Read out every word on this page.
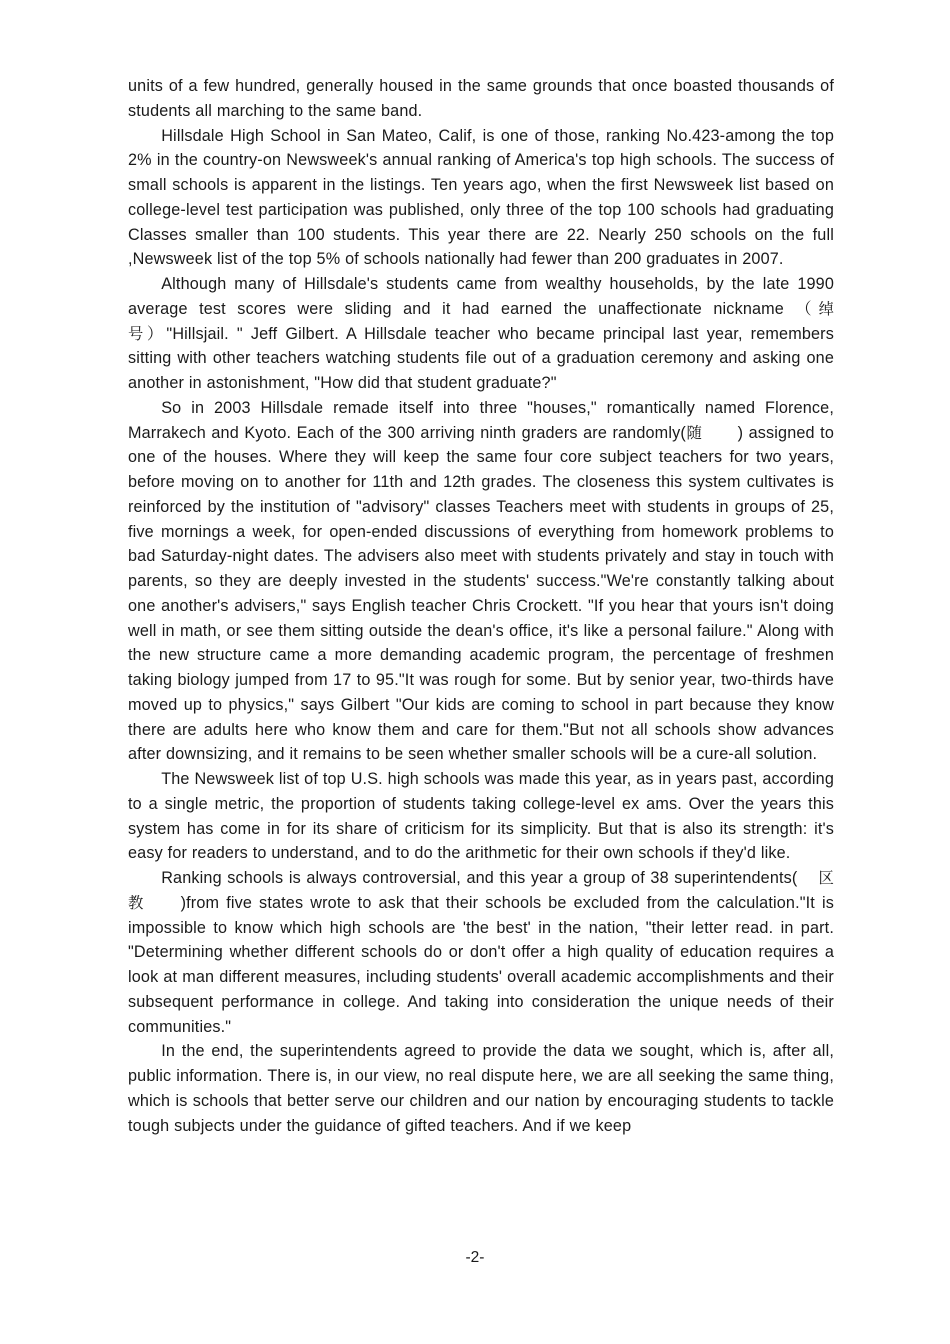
units of a few hundred, generally housed in the same grounds that once boasted thousands of students all marching to the same band.

Hillsdale High School in San Mateo, Calif, is one of those, ranking No.423-among the top 2% in the country-on Newsweek's annual ranking of America's top high schools. The success of small schools is apparent in the listings. Ten years ago, when the first Newsweek list based on college-level test participation was published, only three of the top 100 schools had graduating Classes smaller than 100 students. This year there are 22. Nearly 250 schools on the full ,Newsweek list of the top 5% of schools nationally had fewer than 200 graduates in 2007.

Although many of Hillsdale's students came from wealthy households, by the late 1990 average test scores were sliding and it had earned the unaffectionate nickname （绰号）"Hillsjail. " Jeff Gilbert. A Hillsdale teacher who became principal last year, remembers sitting with other teachers watching students file out of a graduation ceremony and asking one another in astonishment, "How did that student graduate?"

So in 2003 Hillsdale remade itself into three "houses," romantically named Florence, Marrakech and Kyoto. Each of the 300 arriving ninth graders are randomly(随 ) assigned to one of the houses. Where they will keep the same four core subject teachers for two years, before moving on to another for 11th and 12th grades. The closeness this system cultivates is reinforced by the institution of "advisory" classes Teachers meet with students in groups of 25, five mornings a week, for open-ended discussions of everything from homework problems to bad Saturday-night dates. The advisers also meet with students privately and stay in touch with parents, so they are deeply invested in the students' success."We're constantly talking about one another's advisers," says English teacher Chris Crockett. "If you hear that yours isn't doing well in math, or see them sitting outside the dean's office, it's like a personal failure." Along with the new structure came a more demanding academic program, the percentage of freshmen taking biology jumped from 17 to 95."It was rough for some. But by senior year, two-thirds have moved up to physics," says Gilbert "Our kids are coming to school in part because they know there are adults here who know them and care for them."But not all schools show advances after downsizing, and it remains to be seen whether smaller schools will be a cure-all solution.

The Newsweek list of top U.S. high schools was made this year, as in years past, according to a single metric, the proportion of students taking college-level ex ams. Over the years this system has come in for its share of criticism for its simplicity. But that is also its strength: it's easy for readers to understand, and to do the arithmetic for their own schools if they'd like.

Ranking schools is always controversial, and this year a group of 38 superintendents( 区教 )from five states wrote to ask that their schools be excluded from the calculation."It is impossible to know which high schools are 'the best' in the nation, "their letter read. in part. "Determining whether different schools do or don't offer a high quality of education requires a look at man different measures, including students' overall academic accomplishments and their subsequent performance in college. And taking into consideration the unique needs of their communities."

In the end, the superintendents agreed to provide the data we sought, which is, after all, public information. There is, in our view, no real dispute here, we are all seeking the same thing, which is schools that better serve our children and our nation by encouraging students to tackle tough subjects under the guidance of gifted teachers. And if we keep

-2-
